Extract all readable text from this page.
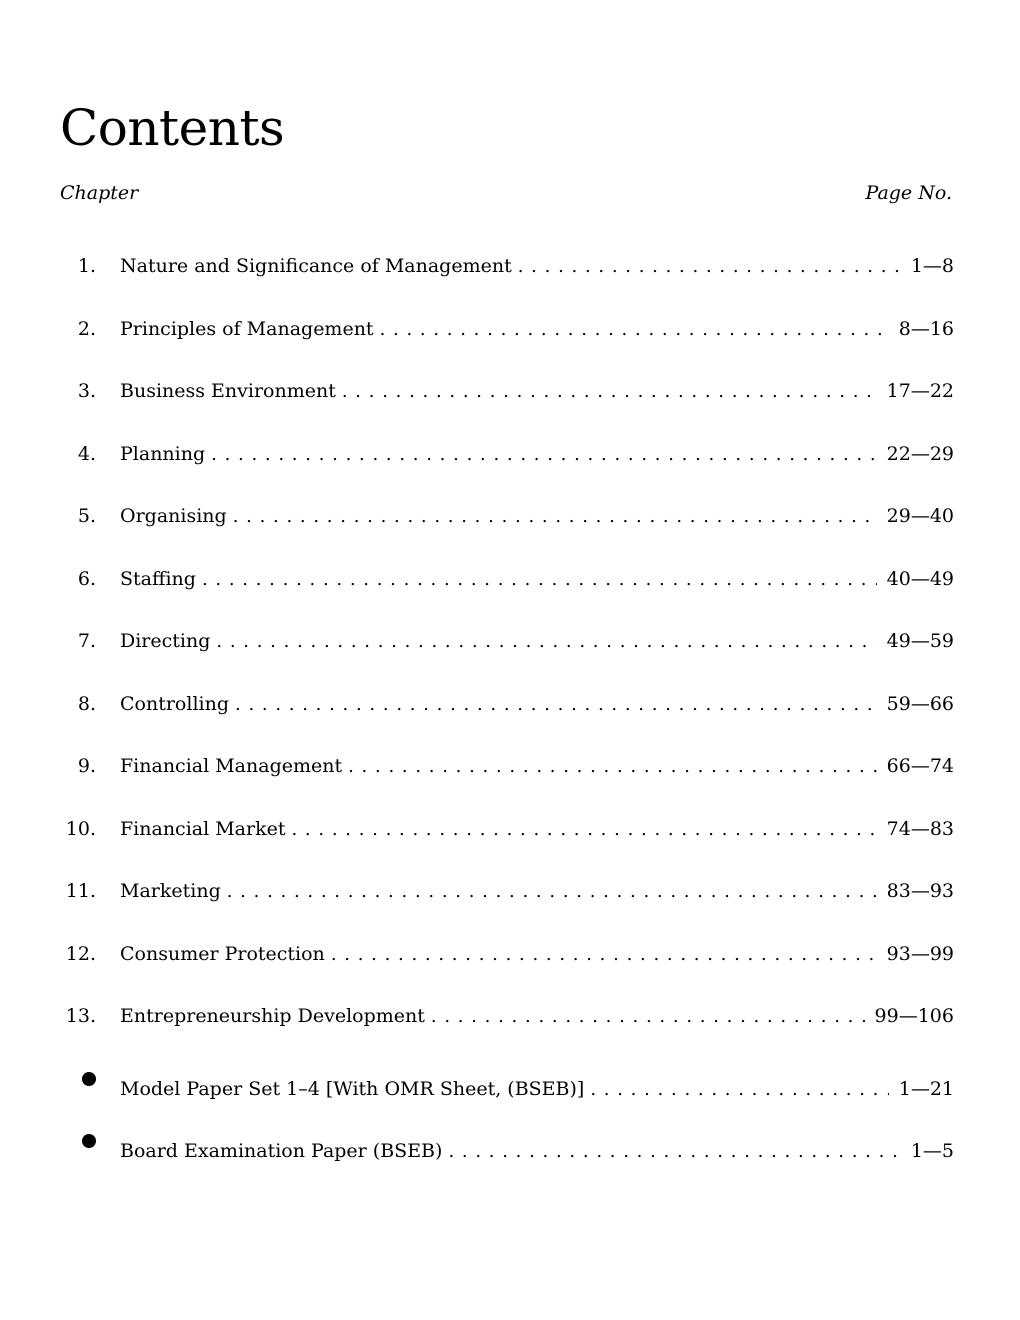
Contents
Chapter	Page No.
1. Nature and Significance of Management . . .	1—8
2. Principles of Management . . .	8—16
3. Business Environment . . .	17—22
4. Planning . . .	22—29
5. Organising . . .	29—40
6. Staffing . . .	40—49
7. Directing . . .	49—59
8. Controlling . . .	59—66
9. Financial Management . . .	66—74
10. Financial Market . . .	74—83
11. Marketing . . .	83—93
12. Consumer Protection . . .	93—99
13. Entrepreneurship Development . . .	99—106
Model Paper Set 1–4 [With OMR Sheet, (BSEB)] . . .	1—21
Board Examination Paper (BSEB) . . .	1—5
